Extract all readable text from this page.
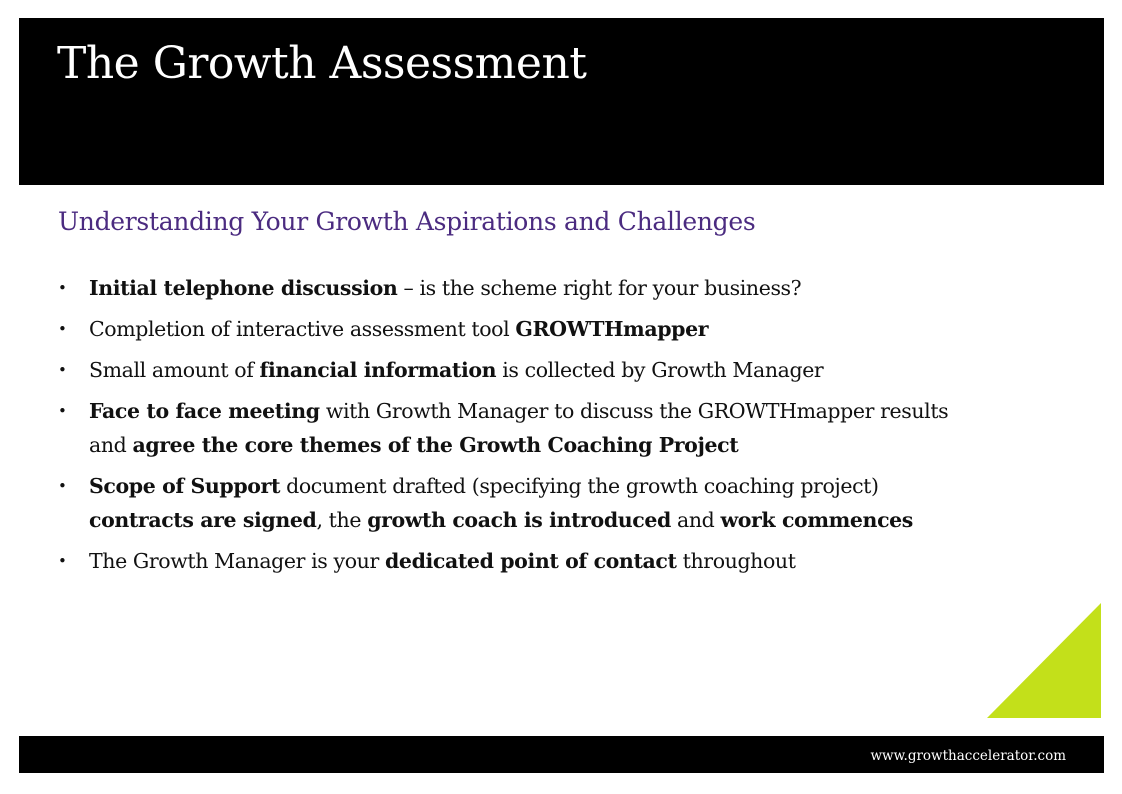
The Growth Assessment
Understanding Your Growth Aspirations and Challenges
• Initial telephone discussion – is the scheme right for your business?
• Completion of interactive assessment tool GROWTHmapper
• Small amount of financial information is collected by Growth Manager
• Face to face meeting with Growth Manager to discuss the GROWTHmapper results and agree the core themes of the Growth Coaching Project
• Scope of Support document drafted (specifying the growth coaching project) contracts are signed, the growth coach is introduced and work commences
• The Growth Manager is your dedicated point of contact throughout
www.growthaccelerator.com
